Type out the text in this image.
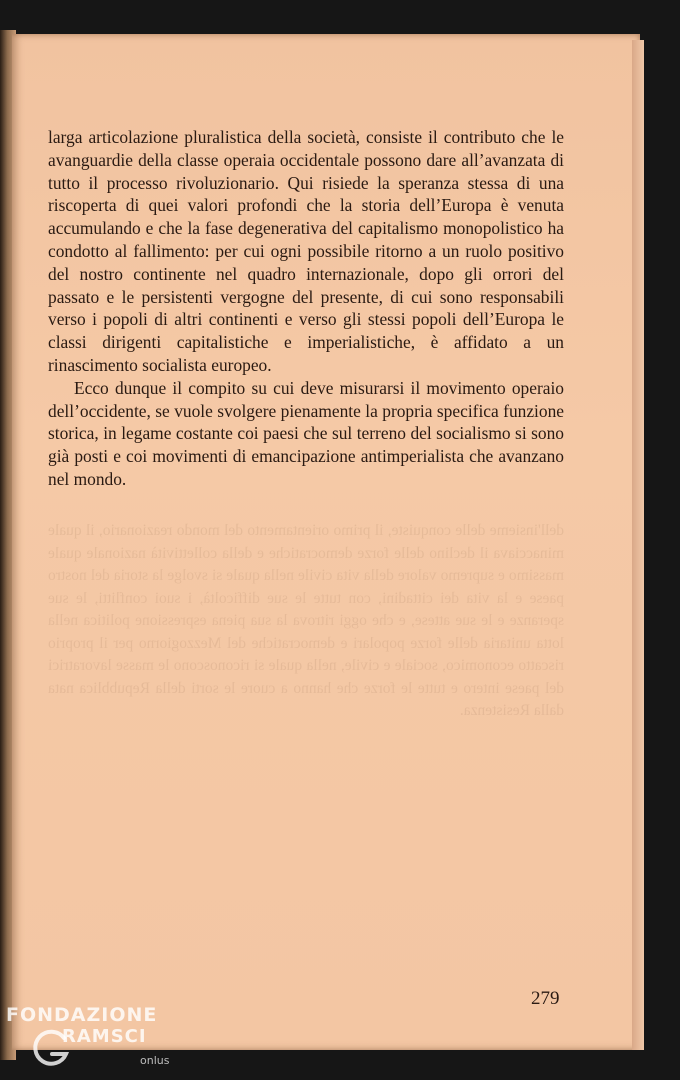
dell'insieme delle conquiste, il primo orientamento del mondo reazionario, il quale minacciava il declino delle forze democratiche e della collettività nazionale quale massimo e supremo valore della vita civile nella quale si svolge la storia del nostro paese e la vita dei cittadini, con tutte le sue difficoltà, i suoi conflitti, le sue speranze e le sue attese, e che oggi ritrova la sua piena espressione politica nella lotta unitaria delle forze popolari e democratiche del Mezzogiorno per il proprio riscatto economico, sociale e civile, nella quale si riconoscono le masse lavoratrici del paese intero e tutte le forze che hanno a cuore le sorti della Repubblica nata dalla Resistenza.

larga articolazione pluralistica della società, consiste il contributo che le avanguardie della classe operaia occidentale possono dare all’avanzata di tutto il processo rivoluzionario. Qui risiede la speranza stessa di una riscoperta di quei valori profondi che la storia dell’Europa è venuta accumulando e che la fase degenerativa del capitalismo monopolistico ha condotto al fallimento: per cui ogni possibile ritorno a un ruolo positivo del nostro continente nel quadro internazionale, dopo gli orrori del passato e le persistenti vergogne del presente, di cui sono responsabili verso i popoli di altri continenti e verso gli stessi popoli dell’Europa le classi dirigenti capitalistiche e imperialistiche, è affidato a un rinascimento socialista europeo.

Ecco dunque il compito su cui deve misurarsi il movimento operaio dell’occidente, se vuole svolgere pienamente la propria specifica funzione storica, in legame costante coi paesi che sul terreno del socialismo si sono già posti e coi movimenti di emancipazione antimperialista che avanzano nel mondo.

279
FONDAZIONE
RAMSCI
onlus
